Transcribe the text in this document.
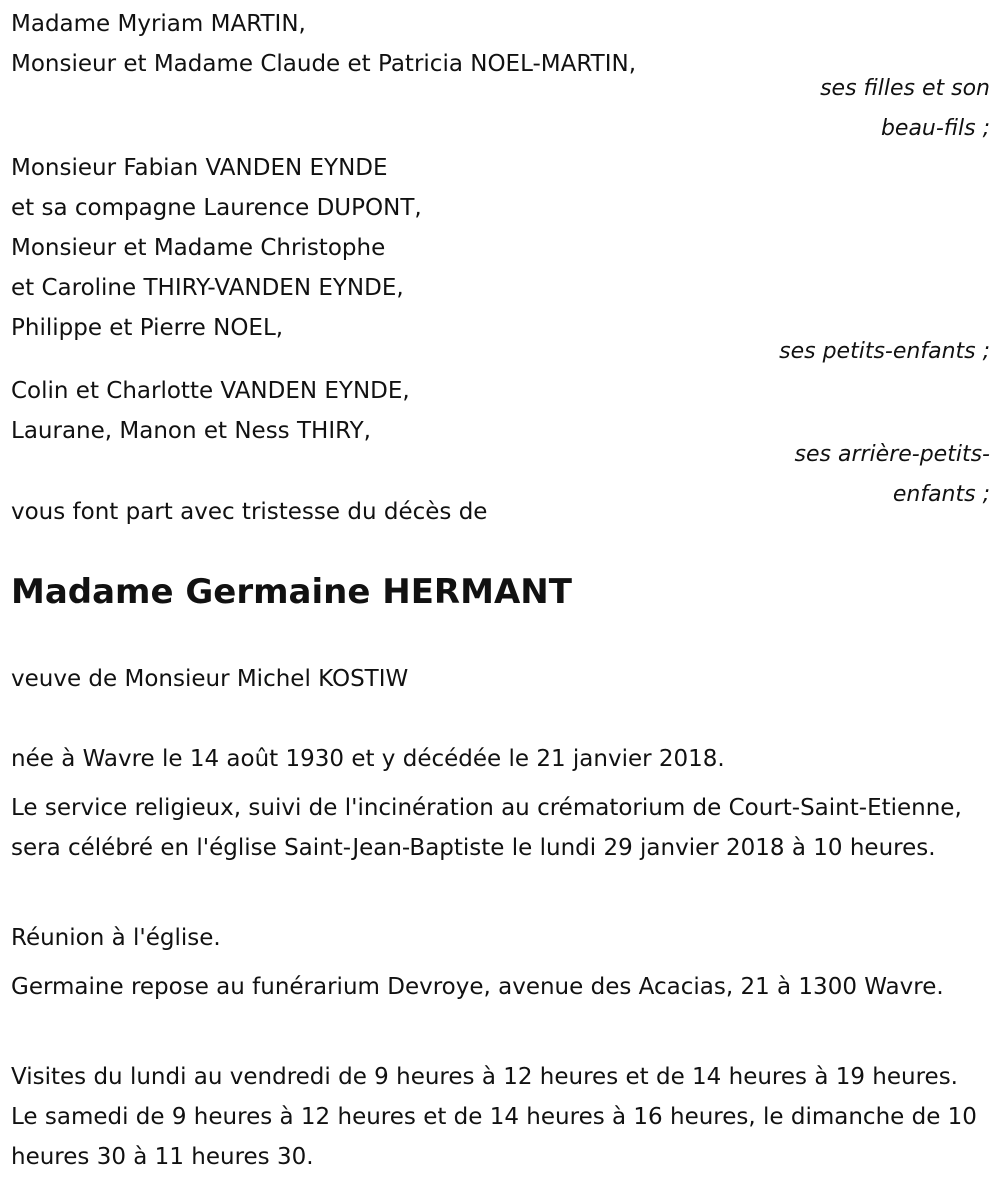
Madame Myriam MARTIN,
Monsieur et Madame Claude et Patricia NOEL-MARTIN,
ses filles et son
beau-fils ;
Monsieur Fabian VANDEN EYNDE
et sa compagne Laurence DUPONT,
Monsieur et Madame Christophe
et Caroline THIRY-VANDEN EYNDE,
Philippe et Pierre NOEL,
ses petits-enfants ;
Colin et Charlotte VANDEN EYNDE,
Laurane, Manon et Ness THIRY,
ses arrière-petits-
enfants ;
vous font part avec tristesse du décès de
Madame Germaine HERMANT
veuve de Monsieur Michel KOSTIW
née à Wavre le 14 août 1930 et y décédée le 21 janvier 2018.
Le service religieux, suivi de l'incinération au crématorium de Court-Saint-Etienne, sera célébré en l'église Saint-Jean-Baptiste le lundi 29 janvier 2018 à 10 heures.
Réunion à l'église.
Germaine repose au funérarium Devroye, avenue des Acacias, 21 à 1300 Wavre.
Visites du lundi au vendredi de 9 heures à 12 heures et de 14 heures à 19 heures. Le samedi de 9 heures à 12 heures et de 14 heures à 16 heures, le dimanche de 10 heures 30 à 11 heures 30.
